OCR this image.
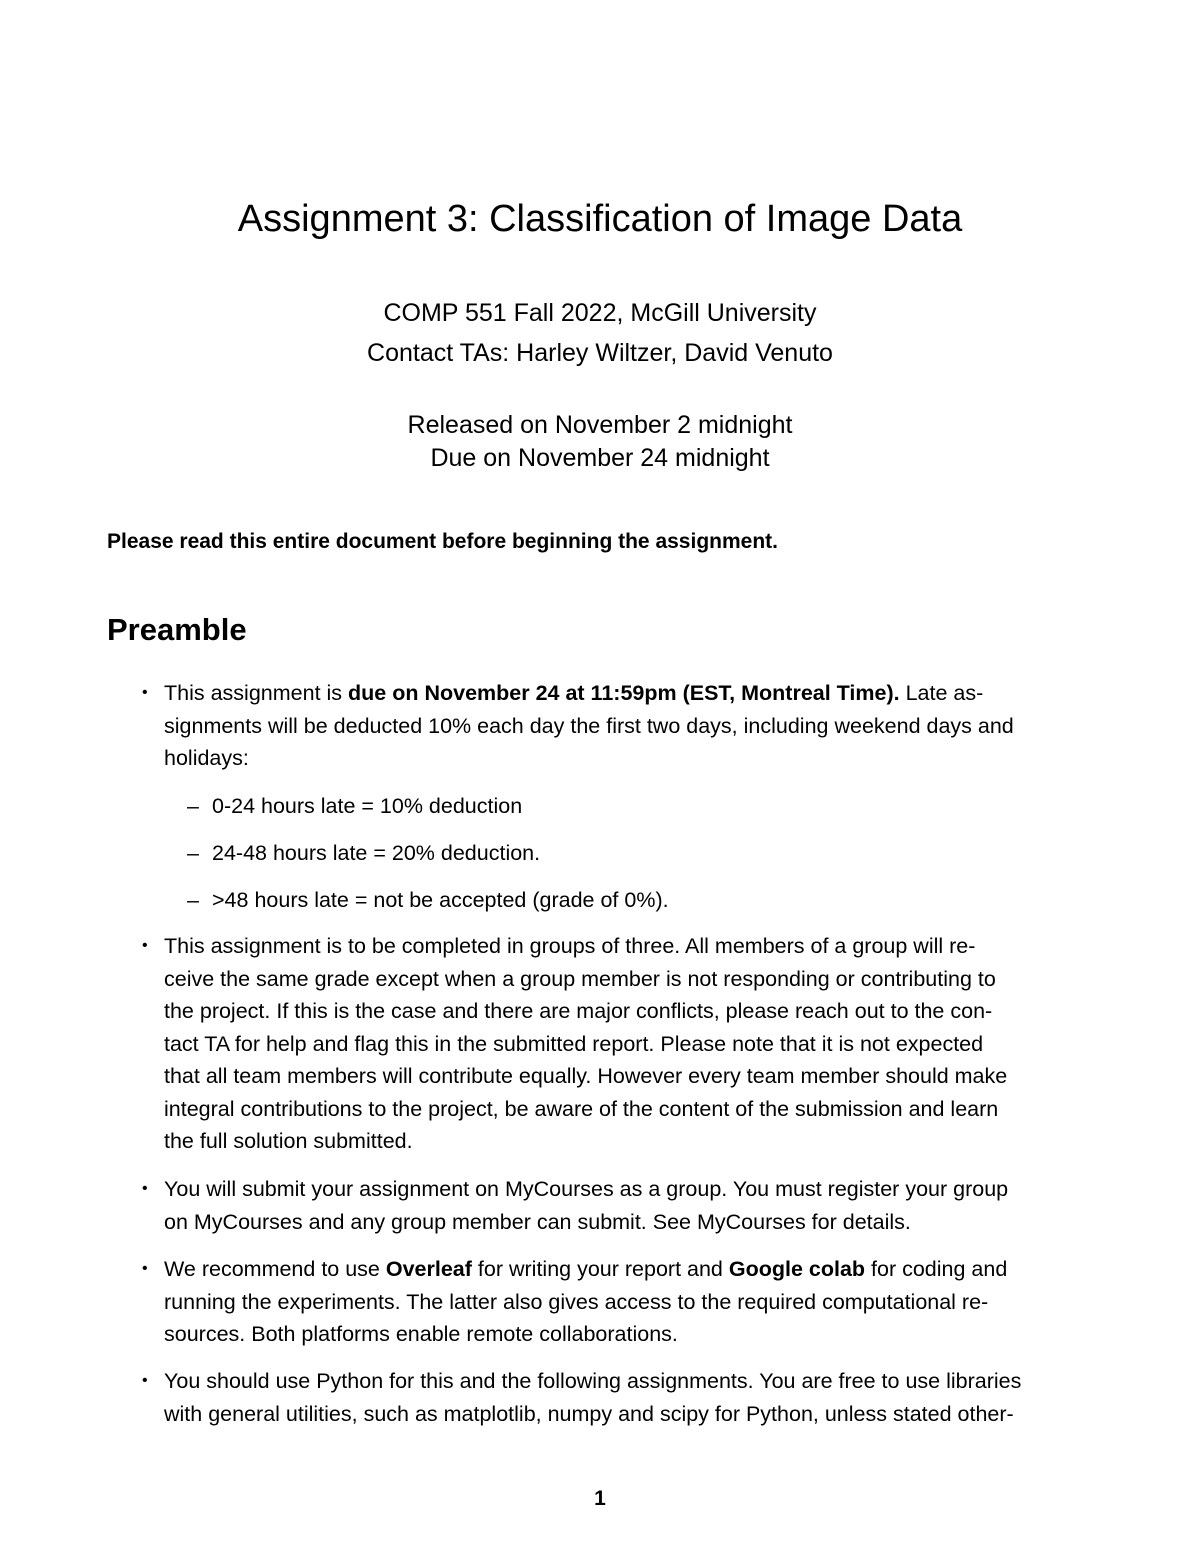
Assignment 3: Classification of Image Data
COMP 551 Fall 2022, McGill University
Contact TAs: Harley Wiltzer, David Venuto
Released on November 2 midnight
Due on November 24 midnight
Please read this entire document before beginning the assignment.
Preamble
• This assignment is due on November 24 at 11:59pm (EST, Montreal Time). Late as-
signments will be deducted 10% each day the first two days, including weekend days and
holidays:
– 0-24 hours late = 10% deduction
– 24-48 hours late = 20% deduction.
– >48 hours late = not be accepted (grade of 0%).
• This assignment is to be completed in groups of three. All members of a group will re-
ceive the same grade except when a group member is not responding or contributing to
the project. If this is the case and there are major conflicts, please reach out to the con-
tact TA for help and flag this in the submitted report. Please note that it is not expected
that all team members will contribute equally. However every team member should make
integral contributions to the project, be aware of the content of the submission and learn
the full solution submitted.
• You will submit your assignment on MyCourses as a group. You must register your group
on MyCourses and any group member can submit. See MyCourses for details.
• We recommend to use Overleaf for writing your report and Google colab for coding and
running the experiments. The latter also gives access to the required computational re-
sources. Both platforms enable remote collaborations.
• You should use Python for this and the following assignments. You are free to use libraries
with general utilities, such as matplotlib, numpy and scipy for Python, unless stated other-
1
